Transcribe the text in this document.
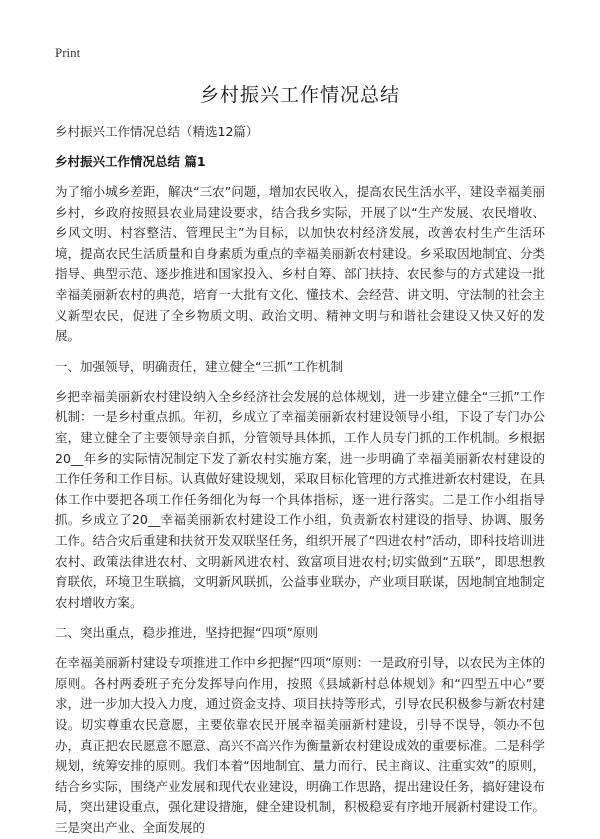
Print
乡村振兴工作情况总结
乡村振兴工作情况总结（精选12篇）
乡村振兴工作情况总结 篇1
为了缩小城乡差距，解决“三农”问题，增加农民收入，提高农民生活水平，建设幸福美丽乡村，乡政府按照县农业局建设要求，结合我乡实际，开展了以“生产发展、农民增收、乡风文明、村容整洁、管理民主”为目标，以加快农村经济发展，改善农村生产生活环境，提高农民生活质量和自身素质为重点的幸福美丽新农村建设。乡采取因地制宜、分类指导、典型示范、逐步推进和国家投入、乡村自筹、部门扶持、农民参与的方式建设一批幸福美丽新农村的典范，培育一大批有文化、懂技术、会经营、讲文明、守法制的社会主义新型农民，促进了全乡物质文明、政治文明、精神文明与和谐社会建设又快又好的发展。
一、加强领导，明确责任，建立健全“三抓”工作机制
乡把幸福美丽新农村建设纳入全乡经济社会发展的总体规划，进一步建立健全“三抓”工作机制：一是乡村重点抓。年初，乡成立了幸福美丽新农村建设领导小组，下设了专门办公室，建立健全了主要领导亲自抓，分管领导具体抓，工作人员专门抓的工作机制。乡根据20__年乡的实际情况制定下发了新农村实施方案，进一步明确了幸福美丽新农村建设的工作任务和工作目标。认真做好建设规划，采取目标化管理的方式推进新农村建设，在具体工作中要把各项工作任务细化为每一个具体指标，逐一进行落实。二是工作小组指导抓。乡成立了20__幸福美丽新农村建设工作小组，负责新农村建设的指导、协调、服务工作。结合灾后重建和扶贫开发双联坚任务，组织开展了“四进农村”活动，即科技培训进农村、政策法律进农村、文明新风进农村、致富项目进农村;切实做到“五联”，即思想教育联依，环境卫生联搞，文明新风联抓，公益事业联办，产业项目联谋，因地制宜地制定农村增收方案。
二、突出重点，稳步推进，坚持把握“四项”原则
在幸福美丽新村建设专项推进工作中乡把握“四项”原则：一是政府引导，以农民为主体的原则。各村两委班子充分发挥导向作用，按照《县域新村总体规划》和“四型五中心”要求，进一步加大投入力度，通过资金支持、项目扶持等形式，引导农民积极参与新农村建设。切实尊重农民意愿，主要依靠农民开展幸福美丽新村建设，引导不误导，领办不包办，真正把农民愿意不愿意、高兴不高兴作为衡量新农村建设成效的重要标准。二是科学规划，统筹安排的原则。我们本着“因地制宜、量力而行、民主商议、注重实效”的原则，结合乡实际，围绕产业发展和现代农业建设，明确工作思路，提出建设任务，搞好建设布局，突出建设重点，强化建设措施，健全建设机制，积极稳妥有序地开展新村建设工作。三是突出产业、全面发展的
